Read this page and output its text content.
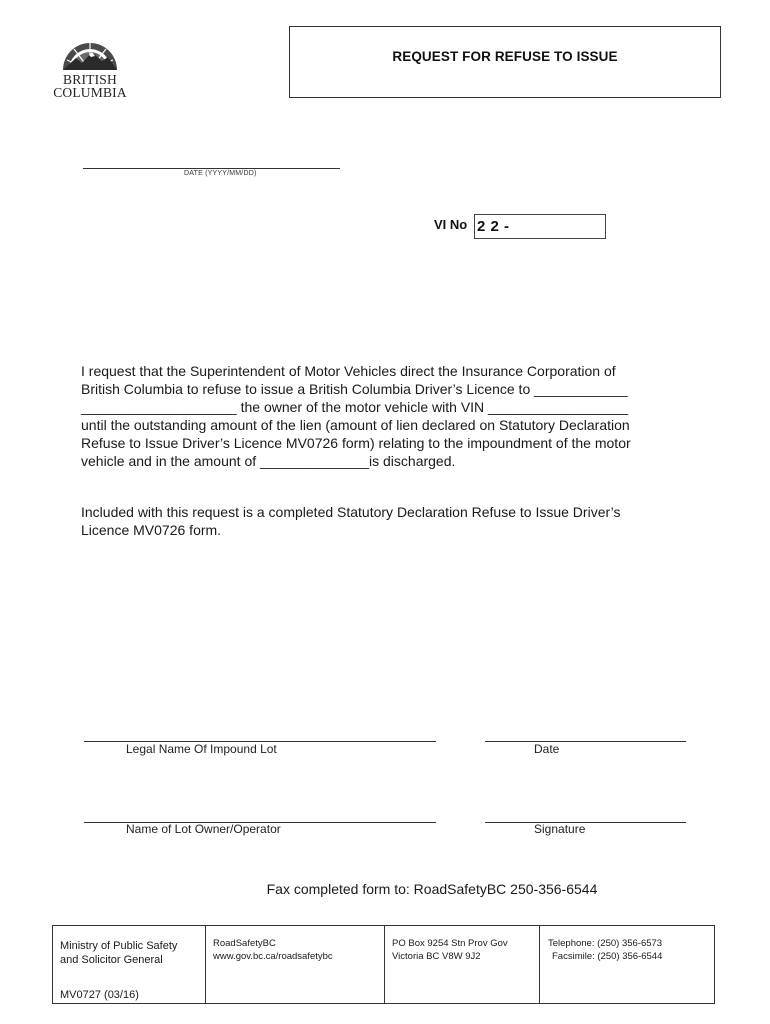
BRITISH
COLUMBIA
REQUEST FOR REFUSE TO ISSUE
DATE (YYYY/MM/DD)
VI No 2 2 -
I request that the Superintendent of Motor Vehicles direct the Insurance Corporation of
British Columbia to refuse to issue a British Columbia Driver’s Licence to ____________
____________________ the owner of the motor vehicle with VIN __________________
until the outstanding amount of the lien (amount of lien declared on Statutory Declaration
Refuse to Issue Driver’s Licence MV0726 form) relating to the impoundment of the motor
vehicle and in the amount of ______________is discharged.
Included with this request is a completed Statutory Declaration Refuse to Issue Driver’s
Licence MV0726 form.
Legal Name Of Impound Lot	Date
Name of Lot Owner/Operator	Signature
Fax completed form to: RoadSafetyBC 250-356-6544
Ministry of Public Safety
and Solicitor General
MV0727 (03/16)
RoadSafetyBC
www.gov.bc.ca/roadsafetybc
PO Box 9254 Stn Prov Gov
Victoria BC V8W 9J2
Telephone: (250) 356-6573
Facsimile: (250) 356-6544
